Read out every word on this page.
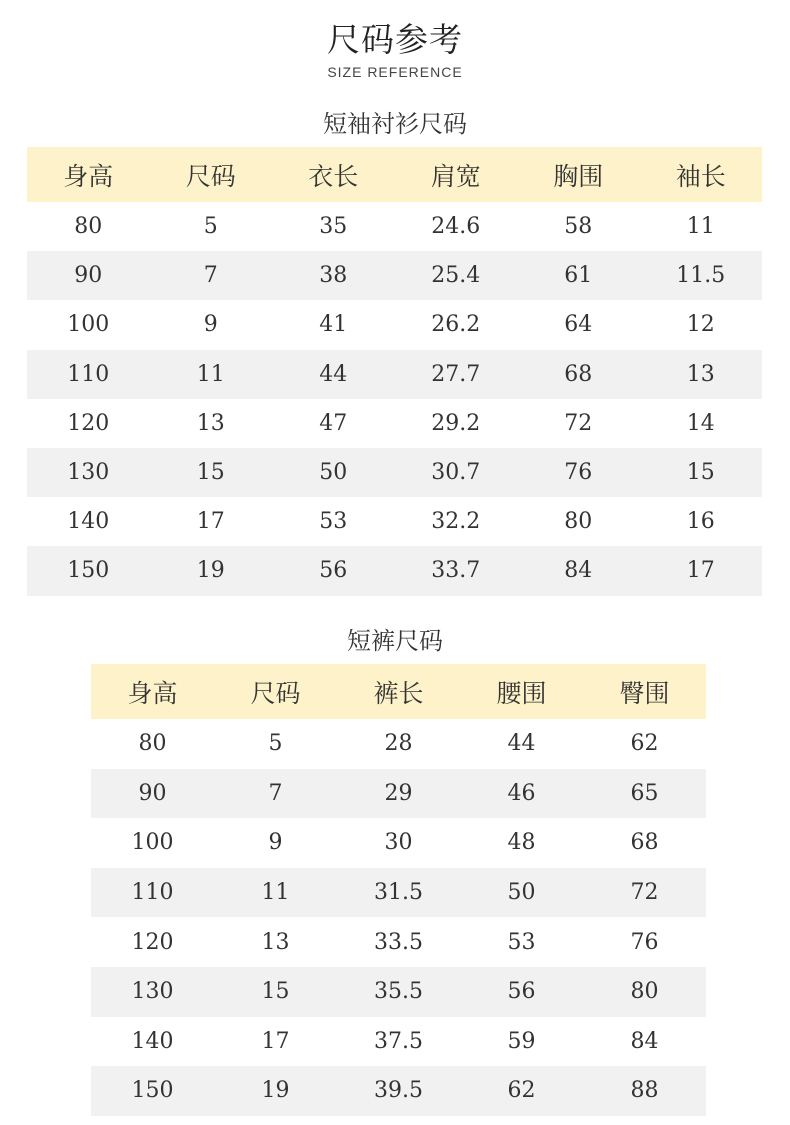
尺码参考
SIZE REFERENCE
短袖衬衫尺码
身高	尺码	衣长	肩宽	胸围	袖长
80	5	35	24.6	58	11
90	7	38	25.4	61	11.5
100	9	41	26.2	64	12
110	11	44	27.7	68	13
120	13	47	29.2	72	14
130	15	50	30.7	76	15
140	17	53	32.2	80	16
150	19	56	33.7	84	17
短裤尺码
身高	尺码	裤长	腰围	臀围
80	5	28	44	62
90	7	29	46	65
100	9	30	48	68
110	11	31.5	50	72
120	13	33.5	53	76
130	15	35.5	56	80
140	17	37.5	59	84
150	19	39.5	62	88
